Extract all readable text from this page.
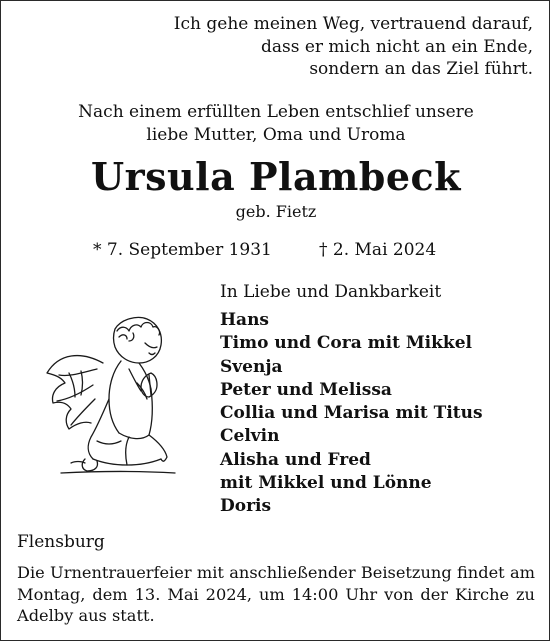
Ich gehe meinen Weg, vertrauend darauf,
dass er mich nicht an ein Ende,
sondern an das Ziel führt.
Nach einem erfüllten Leben entschlief unsere
liebe Mutter, Oma und Uroma
Ursula Plambeck
geb. Fietz
* 7. September 1931	† 2. Mai 2024
In Liebe und Dankbarkeit
Hans
Timo und Cora mit Mikkel
Svenja
Peter und Melissa
Collia und Marisa mit Titus
Celvin
Alisha und Fred
mit Mikkel und Lönne
Doris
Flensburg
Die Urnentrauerfeier mit anschließender Beisetzung findet am Montag, dem 13. Mai 2024, um 14:00 Uhr von der Kirche zu Adelby aus statt.
